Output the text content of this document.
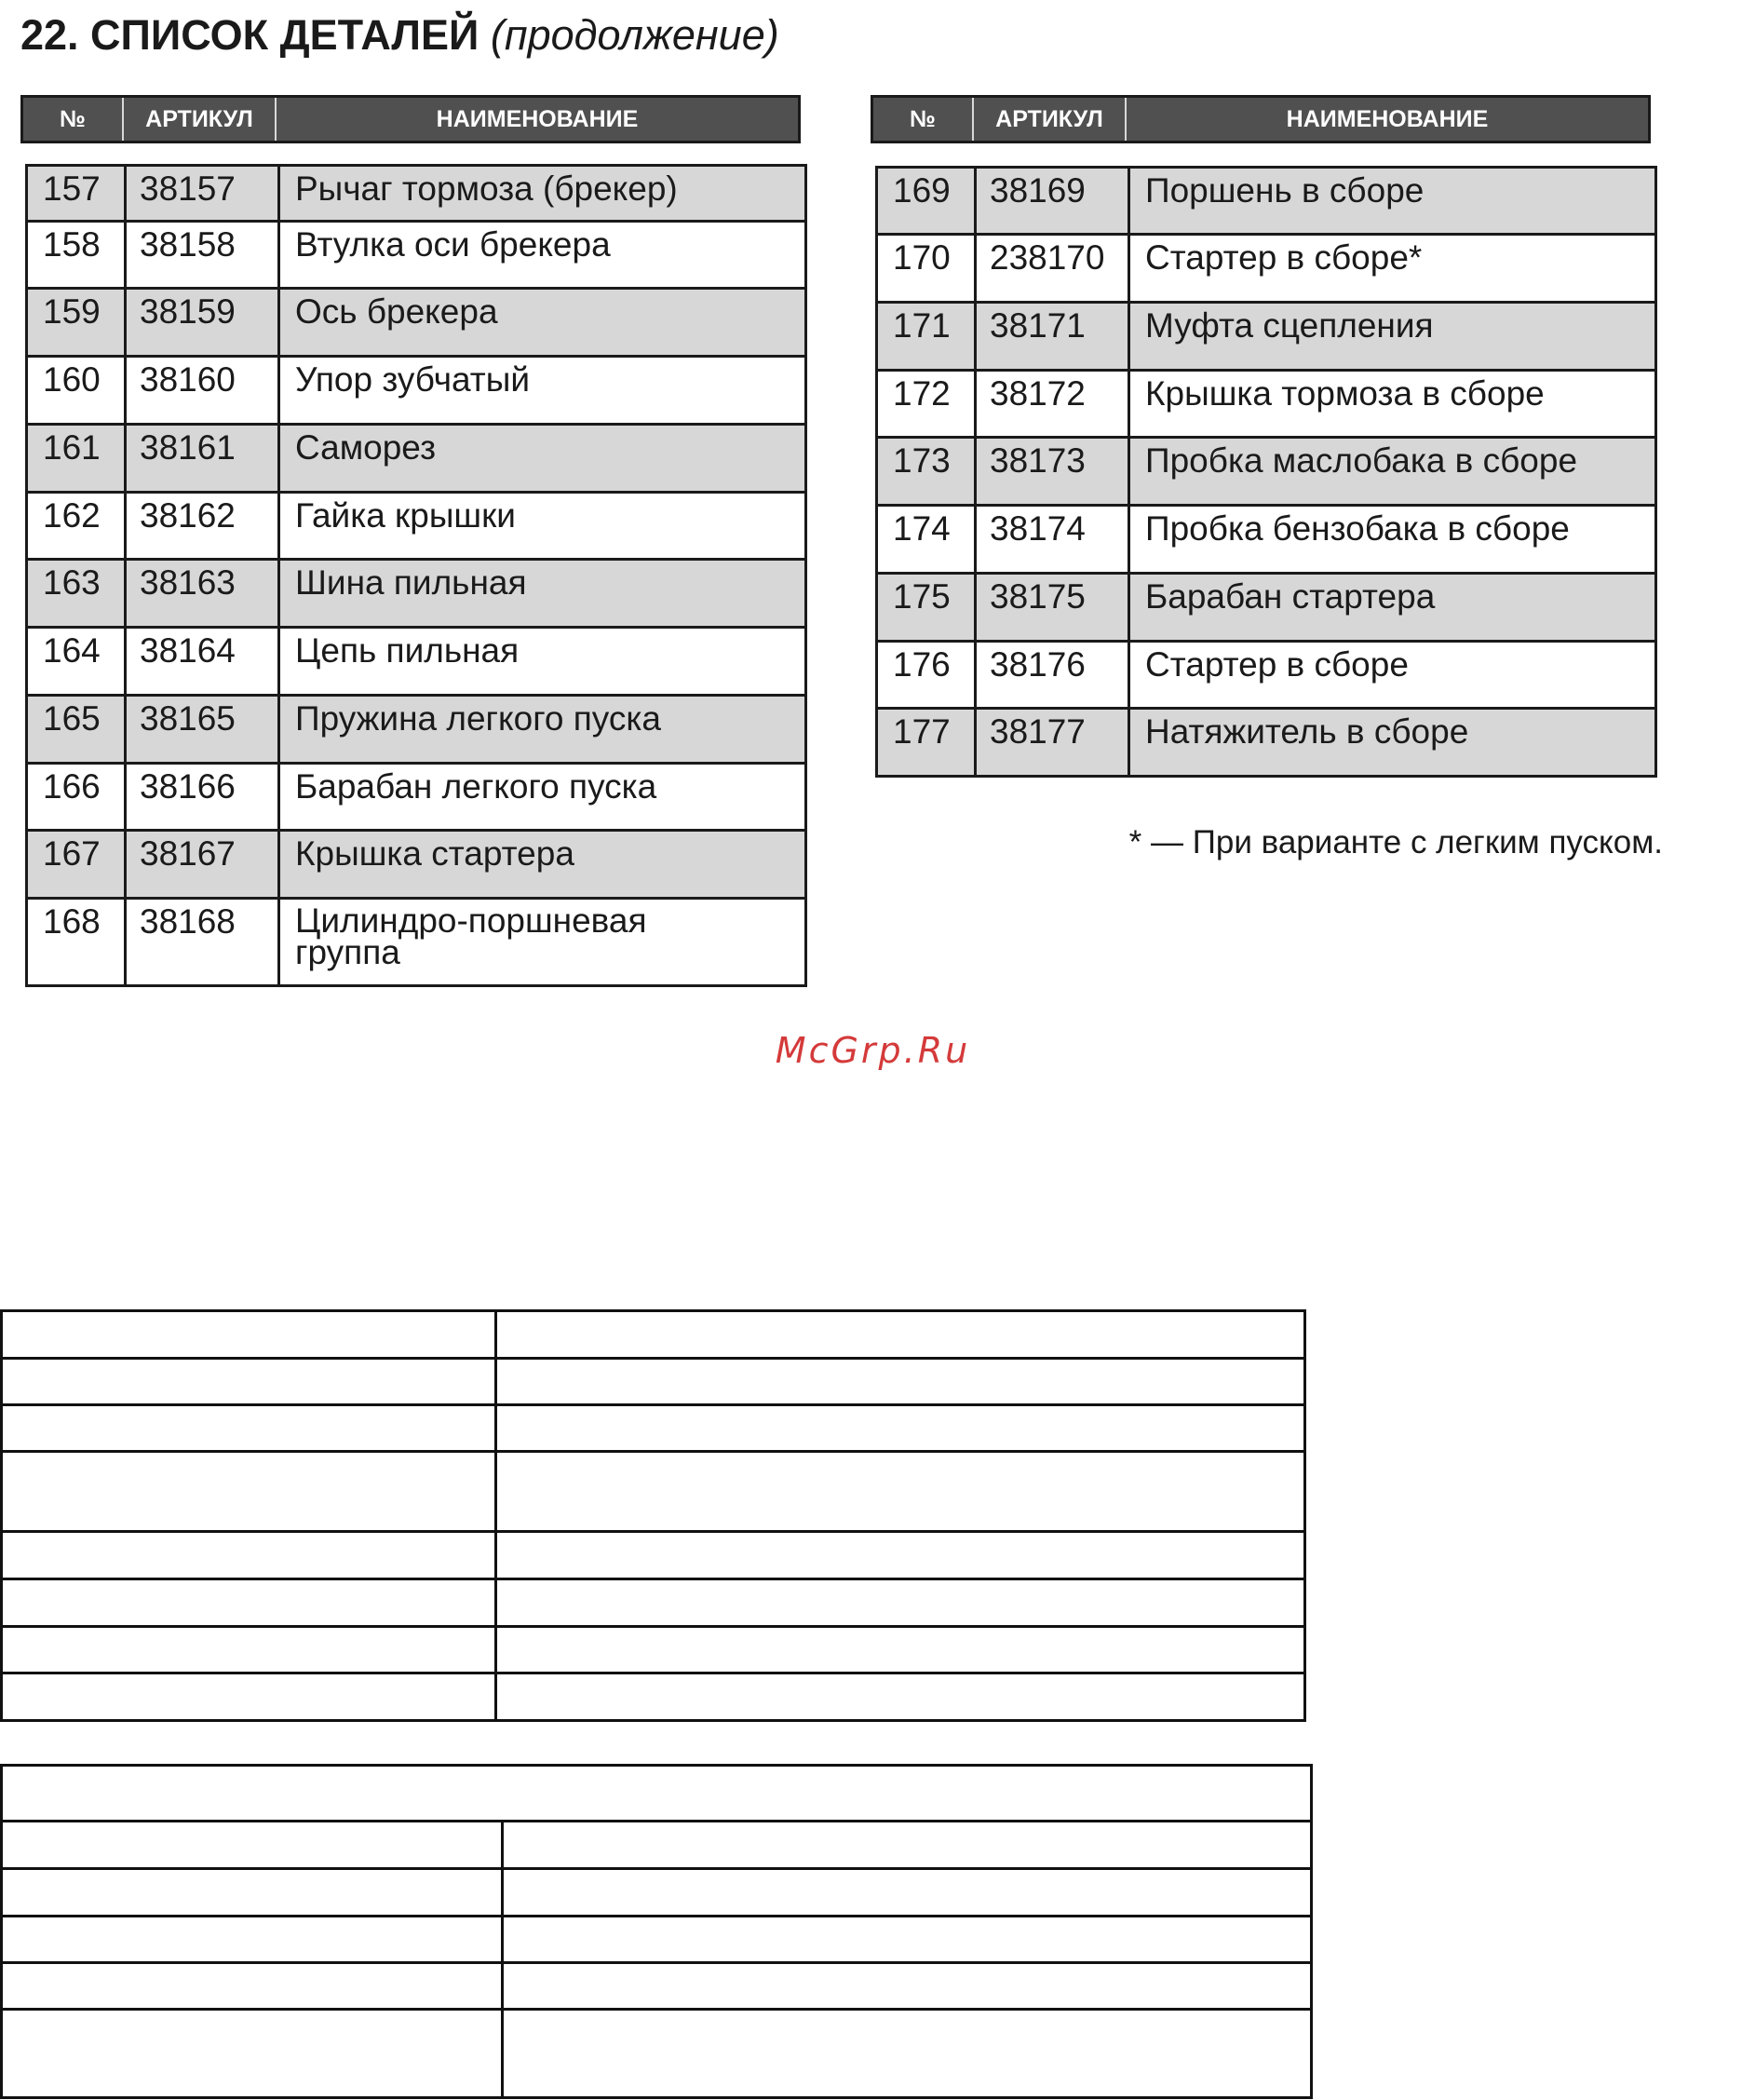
22. СПИСОК ДЕТАЛЕЙ (продолжение)
№	АРТИКУЛ	НАИМЕНОВАНИЕ	№	АРТИКУЛ	НАИМЕНОВАНИЕ
157	38157	Рычаг тормоза (брекер)
158	38158	Втулка оси брекера
159	38159	Ось брекера
160	38160	Упор зубчатый
161	38161	Саморез
162	38162	Гайка крышки
163	38163	Шина пильная
164	38164	Цепь пильная
165	38165	Пружина легкого пуска
166	38166	Барабан легкого пуска
167	38167	Крышка стартера
168	38168	Цилиндро-поршневая
группа
169	38169	Поршень в сборе
170	238170	Стартер в сборе*
171	38171	Муфта сцепления
172	38172	Крышка тормоза в сборе
173	38173	Пробка маслобака в сборе
174	38174	Пробка бензобака в сборе
175	38175	Барабан стартера
176	38176	Стартер в сборе
177	38177	Натяжитель в сборе
* — При варианте с легким пуском.
McGrp.Ru
